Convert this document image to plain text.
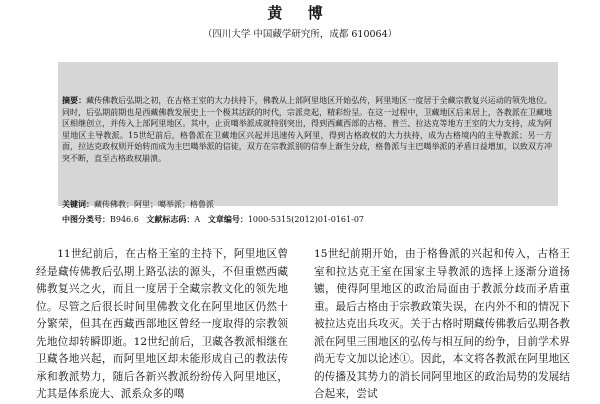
黄 博
（四川大学 中国藏学研究所，成都 610064）
摘要：藏传佛教后弘期之初，在古格王室的大力扶持下，佛教从上部阿里地区开始弘传，阿里地区一度居于全藏宗教复兴运动的领先地位。同时，后弘期前期也是西藏佛教发展史上一个极其活跃的时代，宗派竞起，精彩纷呈。在这一过程中，卫藏地区后来居上，各教派在卫藏地区相继创立，并传入上部阿里地区。其中，止贡噶举派成就特别突出，得到西藏西部的古格、普兰、拉达克等地方王室的大力支持，成为阿里地区主导教派。15世纪前后，格鲁派在卫藏地区兴起并迅速传入阿里，得到古格政权的大力扶持，成为古格境内的主导教派；另一方面，拉达克政权则开始转而成为主巴噶举派的信徒，双方在宗教派别的信奉上渐生分歧，格鲁派与主巴噶举派的矛盾日益增加，以致双方冲突不断，直至古格政权崩溃。
关键词：藏传佛教；阿里；噶举派；格鲁派
中图分类号：B946.6 文献标志码：A 文章编号：1000-5315(2012)01-0161-07

11世纪前后，在古格王室的主持下，阿里地区曾经是藏传佛教后弘期上路弘法的源头，不但重燃西藏佛教复兴之火，而且一度居于全藏宗教文化的领先地位。尽管之后很长时间里佛教文化在阿里地区仍然十分繁荣，但其在西藏西部地区曾经一度取得的宗教领先地位却转瞬即逝。12世纪前后，卫藏各教派相继在卫藏各地兴起，而阿里地区却未能形成自己的教法传承和教派势力，随后各新兴教派纷纷传入阿里地区，尤其是体系庞大、派系众多的噶

15世纪前期开始，由于格鲁派的兴起和传入，古格王室和拉达克王室在国家主导教派的选择上逐渐分道扬镳，使得阿里地区的政治局面由于教派分歧而矛盾重重。最后古格由于宗教政策失误，在内外不和的情况下被拉达克出兵攻灭。关于古格时期藏传佛教后弘期各教派在阿里三围地区的弘传与相互间的纷争，目前学术界尚无专文加以论述①。因此，本文将各教派在阿里地区的传播及其势力的消长同阿里地区的政治局势的发展结合起来，尝试
